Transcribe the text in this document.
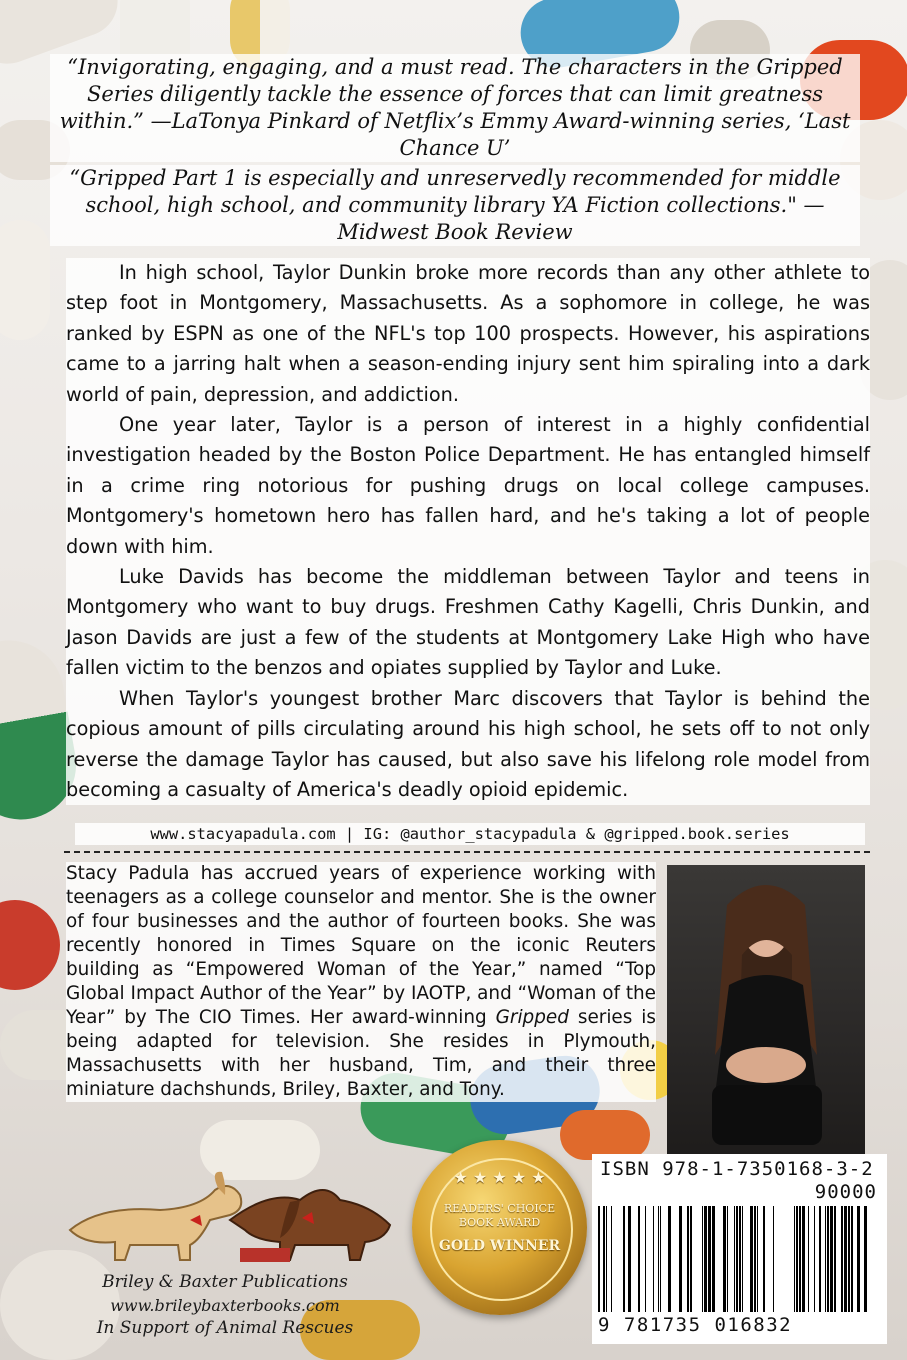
“Invigorating, engaging, and a must read. The characters in the Gripped Series diligently tackle the essence of forces that can limit greatness within.” —LaTonya Pinkard of Netflix’s Emmy Award-winning series, ‘Last Chance U’
“Gripped Part 1 is especially and unreservedly recommended for middle school, high school, and community library YA Fiction collections." —Midwest Book Review

In high school, Taylor Dunkin broke more records than any other athlete to step foot in Montgomery, Massachusetts. As a sophomore in college, he was ranked by ESPN as one of the NFL's top 100 prospects. However, his aspirations came to a jarring halt when a season-ending injury sent him spiraling into a dark world of pain, depression, and addiction.

One year later, Taylor is a person of interest in a highly confidential investigation headed by the Boston Police Department. He has entangled himself in a crime ring notorious for pushing drugs on local college campuses. Montgomery's hometown hero has fallen hard, and he's taking a lot of people down with him.

Luke Davids has become the middleman between Taylor and teens in Montgomery who want to buy drugs. Freshmen Cathy Kagelli, Chris Dunkin, and Jason Davids are just a few of the students at Montgomery Lake High who have fallen victim to the benzos and opiates supplied by Taylor and Luke.

When Taylor's youngest brother Marc discovers that Taylor is behind the copious amount of pills circulating around his high school, he sets off to not only reverse the damage Taylor has caused, but also save his lifelong role model from becoming a casualty of America's deadly opioid epidemic.

www.stacyapadula.com | IG: @author_stacypadula & @gripped.book.series
Stacy Padula has accrued years of experience working with teenagers as a college counselor and mentor. She is the owner of four businesses and the author of fourteen books. She was recently honored in Times Square on the iconic Reuters building as “Empowered Woman of the Year,” named “Top Global Impact Author of the Year” by IAOTP, and “Woman of the Year” by The CIO Times. Her award-winning Gripped series is being adapted for television. She resides in Plymouth, Massachusetts with her husband, Tim, and their three miniature dachshunds, Briley, Baxter, and Tony.
Briley & Baxter Publications
www.brileybaxterbooks.com
In Support of Animal Rescues
★ ★ ★ ★ ★
READERS' CHOICE
BOOK AWARD
GOLD WINNER
ISBN 978-1-7350168-3-2
90000
9 781735 016832
